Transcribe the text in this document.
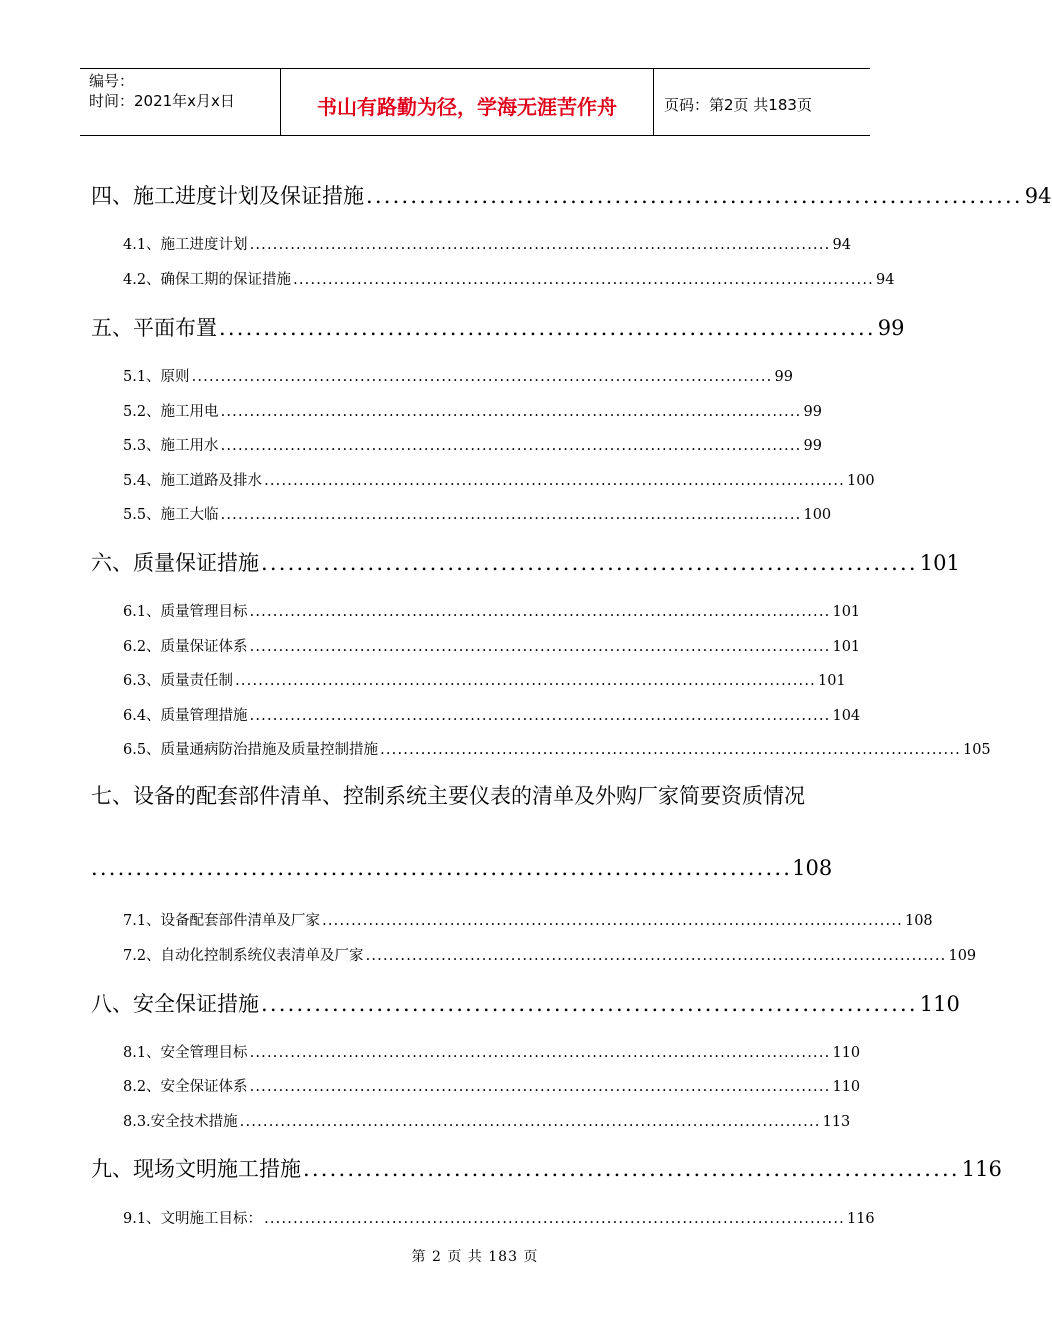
编号：
时间：2021年x月x日	书山有路勤为径，学海无涯苦作舟	页码：第2页 共183页
四、施工进度计划及保证措施 .......................................................................... 94
4.1、施工进度计划 .................................................................................................... 94
4.2、确保工期的保证措施 .................................................................................................... 94
五、平面布置 .......................................................................... 99
5.1、原则 .................................................................................................... 99
5.2、施工用电 .................................................................................................... 99
5.3、施工用水 .................................................................................................... 99
5.4、施工道路及排水 .................................................................................................... 100
5.5、施工大临 .................................................................................................... 100
六、质量保证措施 .......................................................................... 101
6.1、质量管理目标 .................................................................................................... 101
6.2、质量保证体系 .................................................................................................... 101
6.3、质量责任制 .................................................................................................... 101
6.4、质量管理措施 .................................................................................................... 104
6.5、质量通病防治措施及质量控制措施 .................................................................................................... 105
七、设备的配套部件清单、控制系统主要仪表的清单及外购厂家简要资质情况
............................................................................... 108
7.1、设备配套部件清单及厂家 .................................................................................................... 108
7.2、自动化控制系统仪表清单及厂家 .................................................................................................... 109
八、安全保证措施 .......................................................................... 110
8.1、安全管理目标 .................................................................................................... 110
8.2、安全保证体系 .................................................................................................... 110
8.3.安全技术措施 .................................................................................................... 113
九、现场文明施工措施 .......................................................................... 116
9.1、文明施工目标： .................................................................................................... 116
第 2 页 共 183 页
